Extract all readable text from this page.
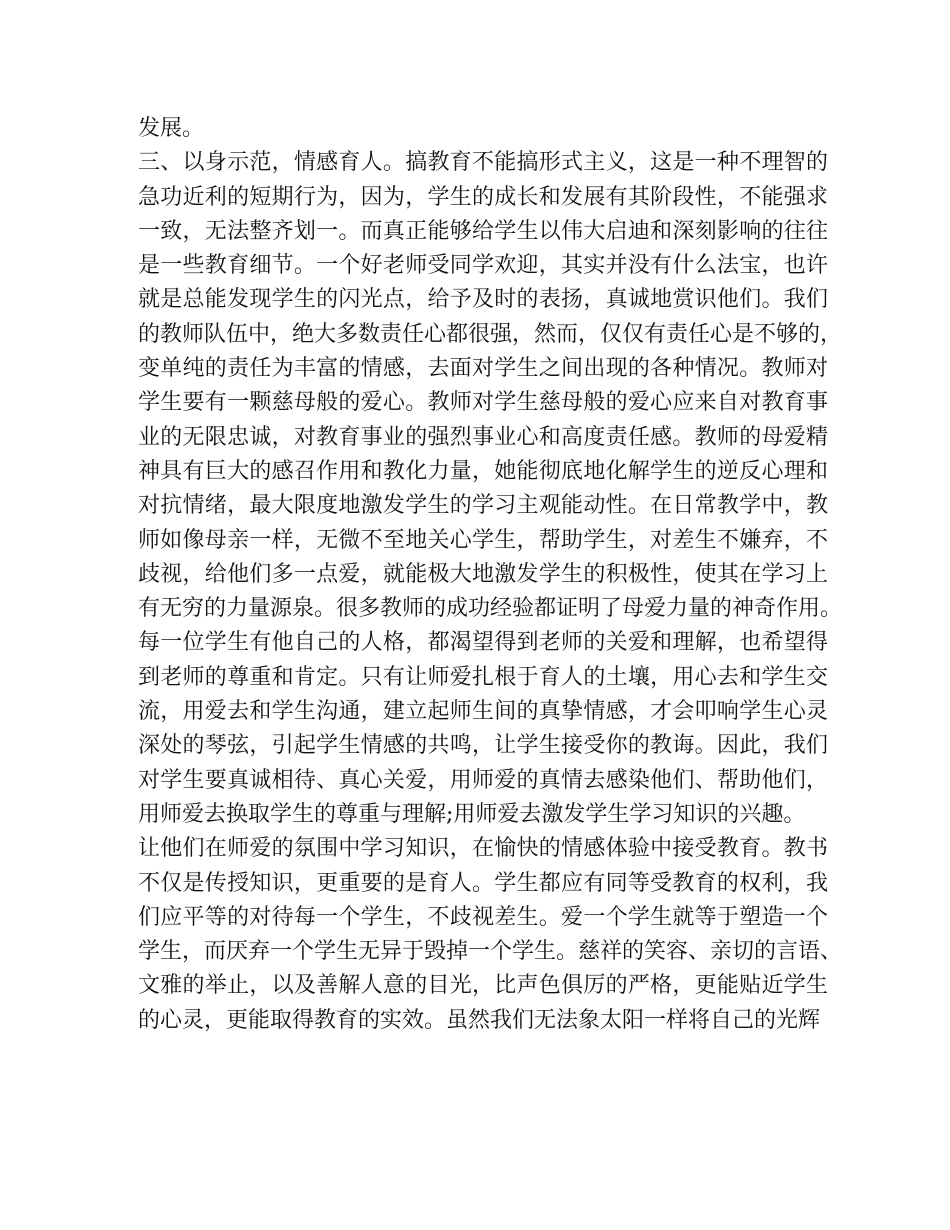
发展。
三、以身示范，情感育人。搞教育不能搞形式主义，这是一种不理智的
急功近利的短期行为，因为，学生的成长和发展有其阶段性，不能强求
一致，无法整齐划一。而真正能够给学生以伟大启迪和深刻影响的往往
是一些教育细节。一个好老师受同学欢迎，其实并没有什么法宝，也许
就是总能发现学生的闪光点，给予及时的表扬，真诚地赏识他们。我们
的教师队伍中，绝大多数责任心都很强，然而，仅仅有责任心是不够的，
变单纯的责任为丰富的情感，去面对学生之间出现的各种情况。教师对
学生要有一颗慈母般的爱心。教师对学生慈母般的爱心应来自对教育事
业的无限忠诚，对教育事业的强烈事业心和高度责任感。教师的母爱精
神具有巨大的感召作用和教化力量，她能彻底地化解学生的逆反心理和
对抗情绪，最大限度地激发学生的学习主观能动性。在日常教学中，教
师如像母亲一样，无微不至地关心学生，帮助学生，对差生不嫌弃，不
歧视，给他们多一点爱，就能极大地激发学生的积极性，使其在学习上
有无穷的力量源泉。很多教师的成功经验都证明了母爱力量的神奇作用。
每一位学生有他自己的人格，都渴望得到老师的关爱和理解，也希望得
到老师的尊重和肯定。只有让师爱扎根于育人的土壤，用心去和学生交
流，用爱去和学生沟通，建立起师生间的真挚情感，才会叩响学生心灵
深处的琴弦，引起学生情感的共鸣，让学生接受你的教诲。因此，我们
对学生要真诚相待、真心关爱，用师爱的真情去感染他们、帮助他们，
用师爱去换取学生的尊重与理解;用师爱去激发学生学习知识的兴趣。
让他们在师爱的氛围中学习知识，在愉快的情感体验中接受教育。教书
不仅是传授知识，更重要的是育人。学生都应有同等受教育的权利，我
们应平等的对待每一个学生，不歧视差生。爱一个学生就等于塑造一个
学生，而厌弃一个学生无异于毁掉一个学生。慈祥的笑容、亲切的言语、
文雅的举止，以及善解人意的目光，比声色俱厉的严格，更能贴近学生
的心灵，更能取得教育的实效。虽然我们无法象太阳一样将自己的光辉
